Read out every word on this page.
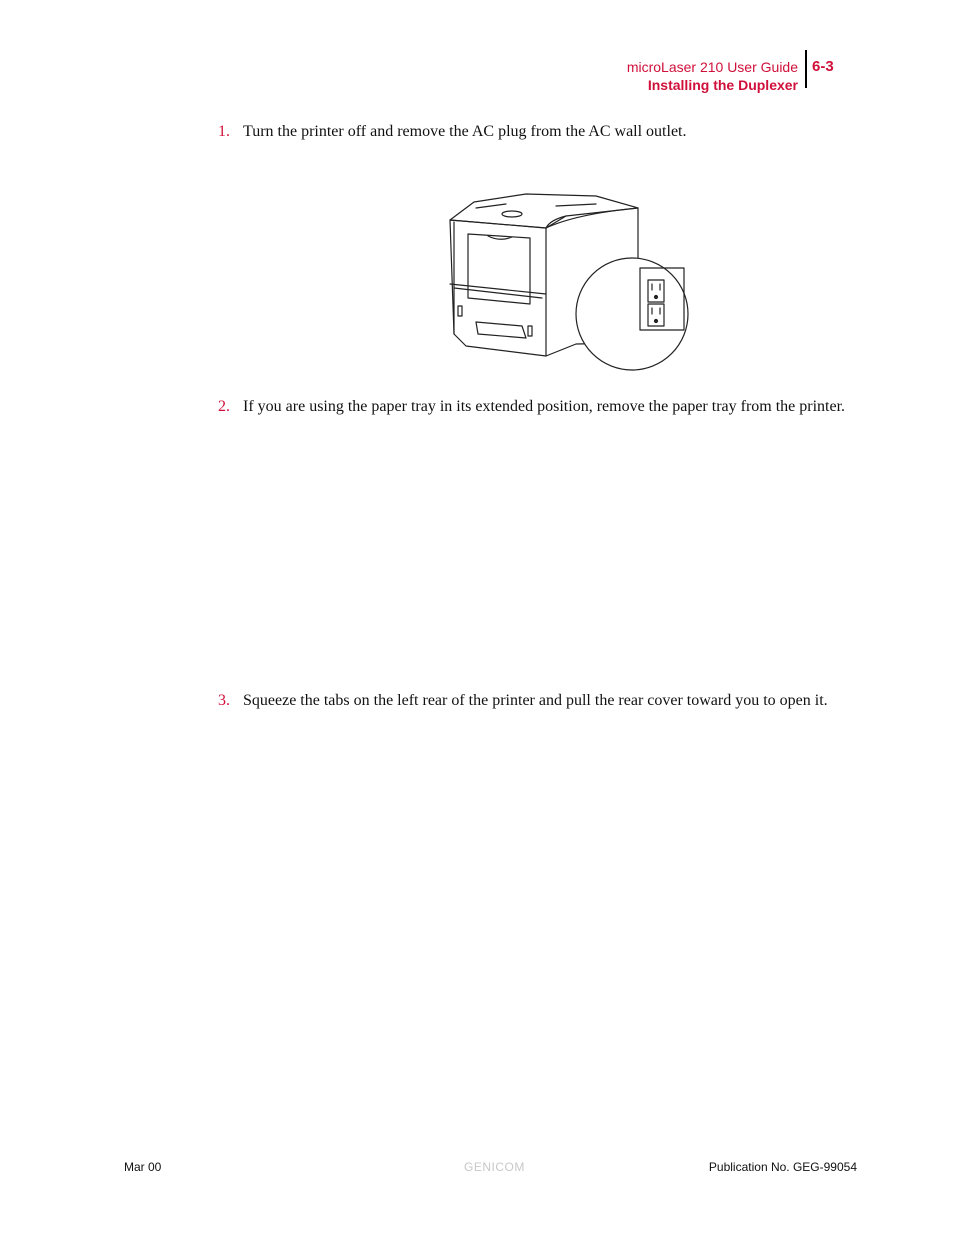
microLaser 210 User Guide
Installing the Duplexer
6-3
1. Turn the printer off and remove the AC plug from the AC wall outlet.
2. If you are using the paper tray in its extended position, remove the paper tray from the printer.
3. Squeeze the tabs on the left rear of the printer and pull the rear cover toward you to open it.
Mar 00	GENICOM	Publication No. GEG-99054
